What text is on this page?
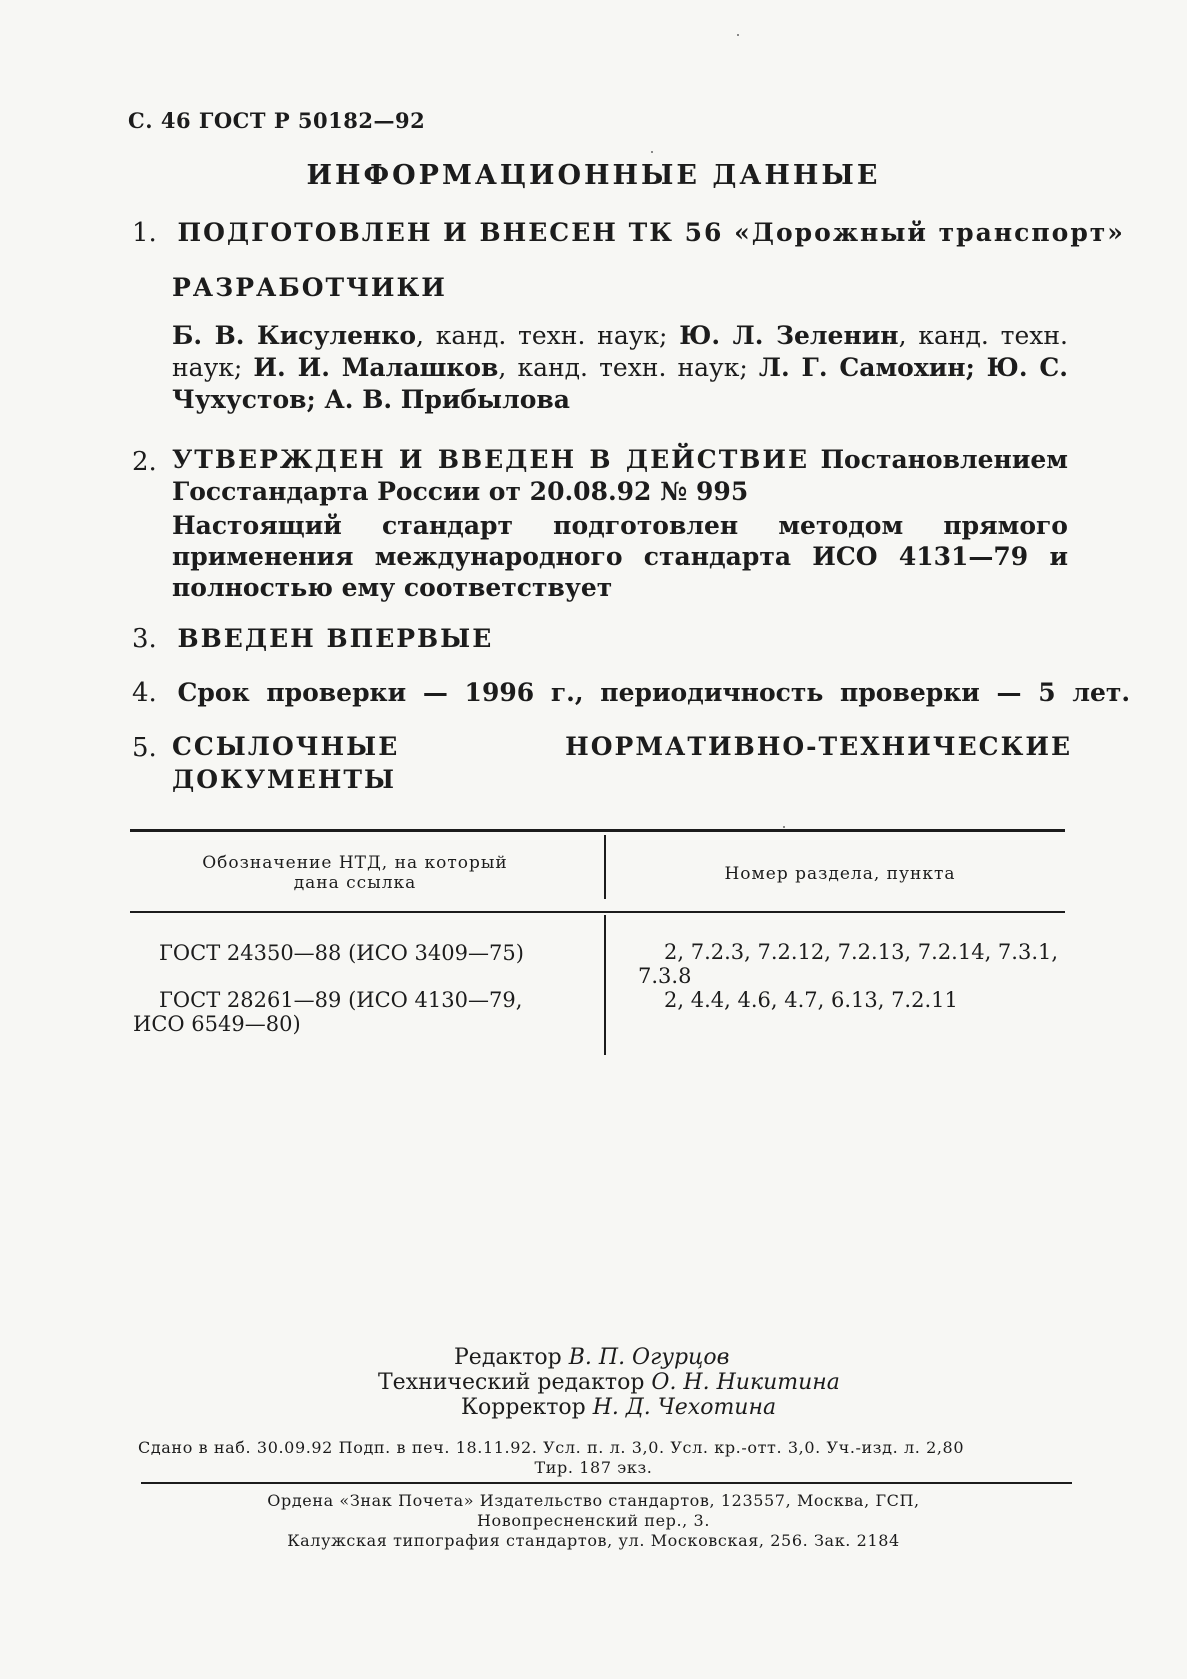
С. 46 ГОСТ Р 50182—92
ИНФОРМАЦИОННЫЕ ДАННЫЕ
1. ПОДГОТОВЛЕН И ВНЕСЕН ТК 56 «Дорожный транспорт»
РАЗРАБОТЧИКИ
Б. В. Кисуленко, канд. техн. наук; Ю. Л. Зеленин, канд. техн. наук; И. И. Малашков, канд. техн. наук; Л. Г. Самохин; Ю. С. Чухустов; А. В. Прибылова
2. УТВЕРЖДЕН И ВВЕДЕН В ДЕЙСТВИЕ Постановлением Госстандарта России от 20.08.92 № 995
Настоящий стандарт подготовлен методом прямого применения международного стандарта ИСО 4131—79 и полностью ему соответствует
3. ВВЕДЕН ВПЕРВЫЕ
4. Срок проверки — 1996 г., периодичность проверки — 5 лет.
5. ССЫЛОЧНЫЕ НОРМАТИВНО-ТЕХНИЧЕСКИЕ ДОКУМЕНТЫ
Обозначение НТД, на который дана ссылка	Номер раздела, пункта
ГОСТ 24350—88 (ИСО 3409—75)	2, 7.2.3, 7.2.12, 7.2.13, 7.2.14, 7.3.1, 7.3.8
ГОСТ 28261—89 (ИСО 4130—79, ИСО 6549—80)
2, 4.4, 4.6, 4.7, 6.13, 7.2.11
Редактор В. П. Огурцов
Технический редактор О. Н. Никитина
Корректор Н. Д. Чехотина
Сдано в наб. 30.09.92 Подп. в печ. 18.11.92. Усл. п. л. 3,0. Усл. кр.-отт. 3,0. Уч.-изд. л. 2,80
Тир. 187 экз.
Ордена «Знак Почета» Издательство стандартов, 123557, Москва, ГСП,
Новопресненский пер., 3.
Калужская типография стандартов, ул. Московская, 256. Зак. 2184
